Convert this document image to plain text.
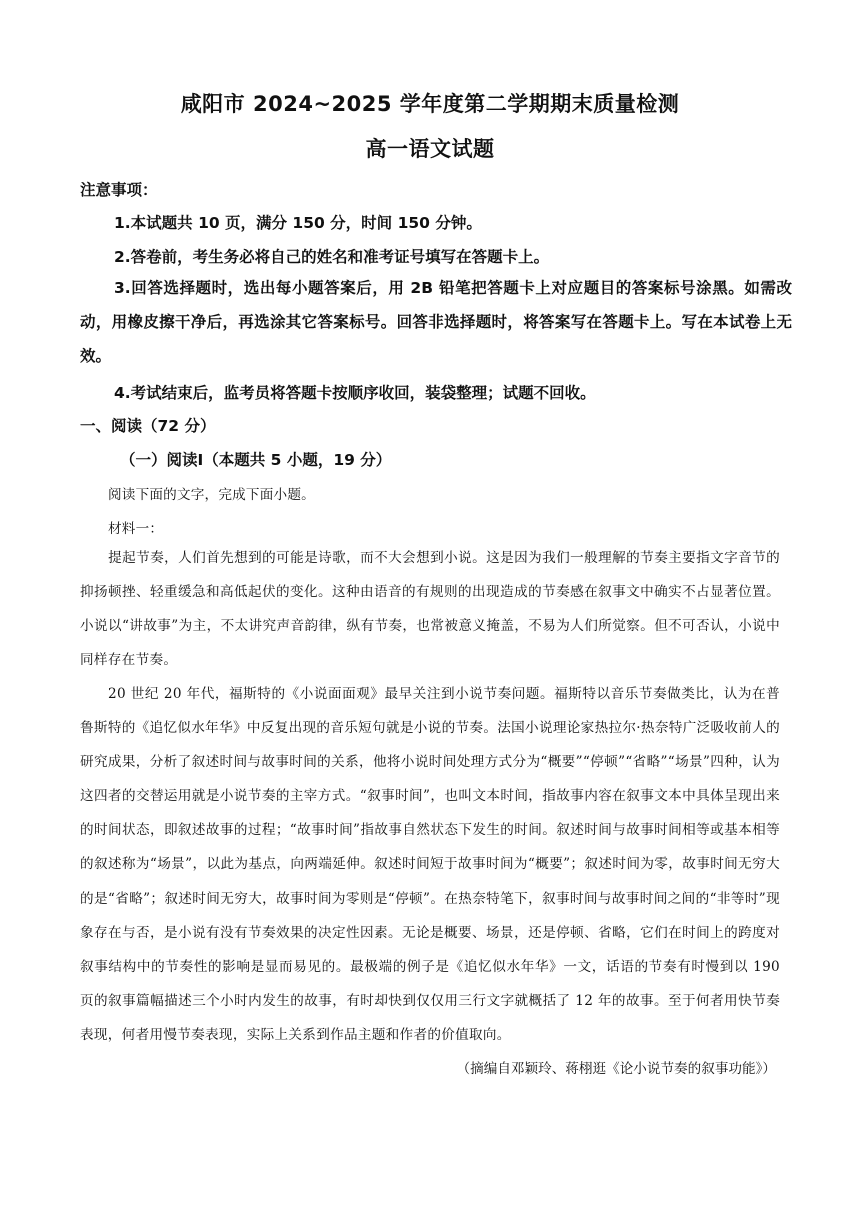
咸阳市 2024~2025 学年度第二学期期末质量检测
高一语文试题
注意事项：
1.本试题共 10 页，满分 150 分，时间 150 分钟。
2.答卷前，考生务必将自己的姓名和准考证号填写在答题卡上。
3.回答选择题时，选出每小题答案后，用 2B 铅笔把答题卡上对应题目的答案标号涂黑。如需改动，用橡皮擦干净后，再选涂其它答案标号。回答非选择题时，将答案写在答题卡上。写在本试卷上无效。
4.考试结束后，监考员将答题卡按顺序收回，装袋整理；试题不回收。
一、阅读（72 分）
（一）阅读Ⅰ（本题共 5 小题，19 分）
阅读下面的文字，完成下面小题。
材料一：
提起节奏，人们首先想到的可能是诗歌，而不大会想到小说。这是因为我们一般理解的节奏主要指文字音节的抑扬顿挫、轻重缓急和高低起伏的变化。这种由语音的有规则的出现造成的节奏感在叙事文中确实不占显著位置。小说以“讲故事”为主，不太讲究声音韵律，纵有节奏，也常被意义掩盖，不易为人们所觉察。但不可否认，小说中同样存在节奏。
20 世纪 20 年代，福斯特的《小说面面观》最早关注到小说节奏问题。福斯特以音乐节奏做类比，认为在普鲁斯特的《追忆似水年华》中反复出现的音乐短句就是小说的节奏。法国小说理论家热拉尔·热奈特广泛吸收前人的研究成果，分析了叙述时间与故事时间的关系，他将小说时间处理方式分为“概要”“停顿”“省略”“场景”四种，认为这四者的交替运用就是小说节奏的主宰方式。“叙事时间”，也叫文本时间，指故事内容在叙事文本中具体呈现出来的时间状态，即叙述故事的过程；“故事时间”指故事自然状态下发生的时间。叙述时间与故事时间相等或基本相等的叙述称为“场景”，以此为基点，向两端延伸。叙述时间短于故事时间为“概要”；叙述时间为零，故事时间无穷大的是“省略”；叙述时间无穷大，故事时间为零则是“停顿”。在热奈特笔下，叙事时间与故事时间之间的“非等时”现象存在与否，是小说有没有节奏效果的决定性因素。无论是概要、场景，还是停顿、省略，它们在时间上的跨度对叙事结构中的节奏性的影响是显而易见的。最极端的例子是《追忆似水年华》一文，话语的节奏有时慢到以 190 页的叙事篇幅描述三个小时内发生的故事，有时却快到仅仅用三行文字就概括了 12 年的故事。至于何者用快节奏表现，何者用慢节奏表现，实际上关系到作品主题和作者的价值取向。
（摘编自邓颖玲、蒋栩逛《论小说节奏的叙事功能》）
